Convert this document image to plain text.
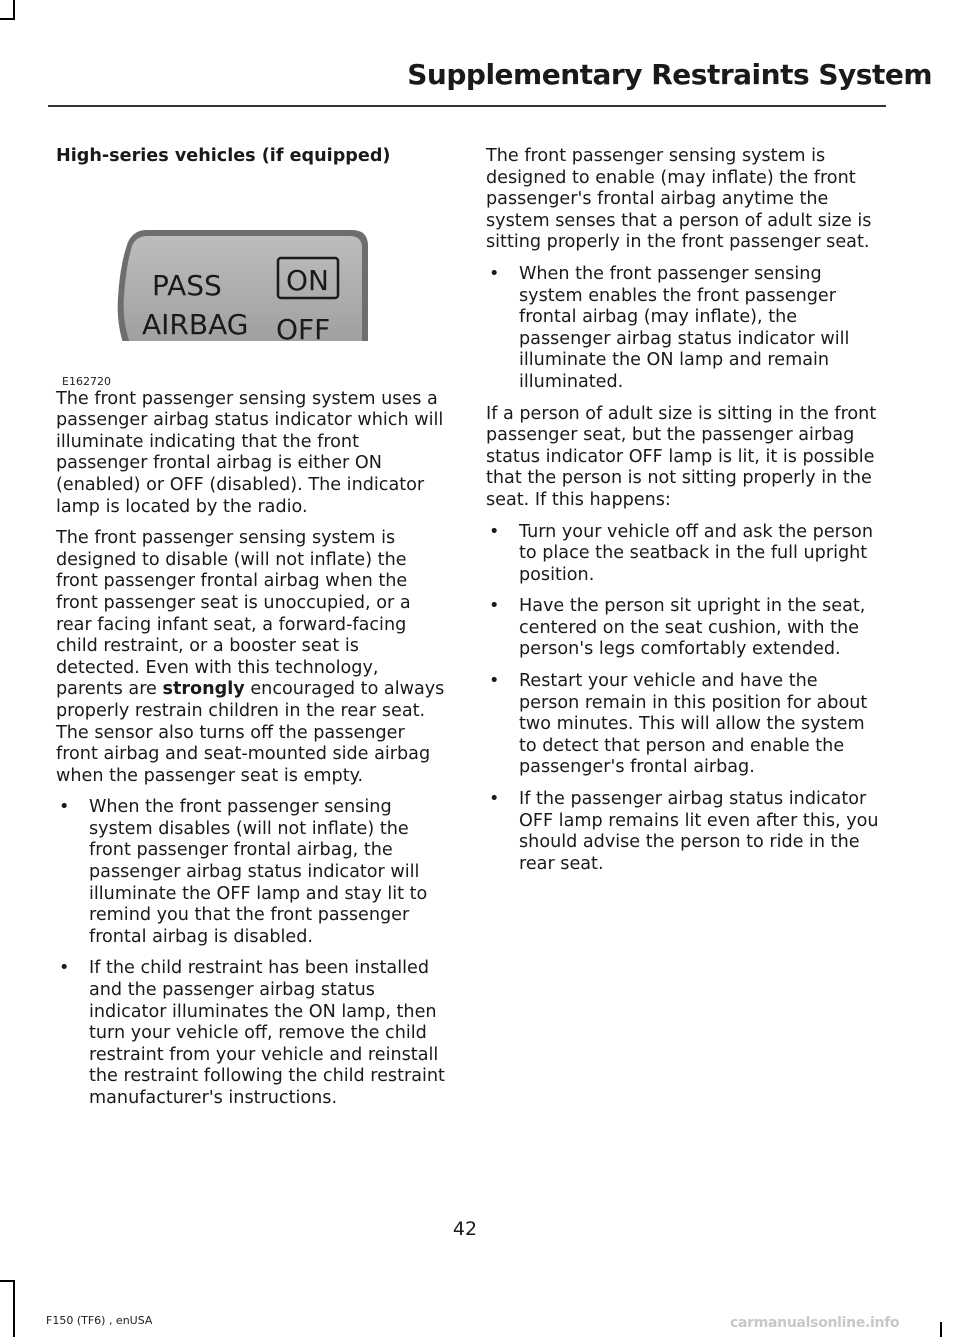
Supplementary Restraints System
High-series vehicles (if equipped)
PASS
AIRBAG
ON
OFF
E162720

The front passenger sensing system uses a passenger airbag status indicator which will illuminate indicating that the front passenger frontal airbag is either ON (enabled) or OFF (disabled). The indicator lamp is located by the radio.

The front passenger sensing system is designed to disable (will not inflate) the front passenger frontal airbag when the front passenger seat is unoccupied, or a rear facing infant seat, a forward-facing child restraint, or a booster seat is detected. Even with this technology, parents are strongly encouraged to always properly restrain children in the rear seat. The sensor also turns off the passenger front airbag and seat-mounted side airbag when the passenger seat is empty.

• When the front passenger sensing system disables (will not inflate) the front passenger frontal airbag, the passenger airbag status indicator will illuminate the OFF lamp and stay lit to remind you that the front passenger frontal airbag is disabled.
• If the child restraint has been installed and the passenger airbag status indicator illuminates the ON lamp, then turn your vehicle off, remove the child restraint from your vehicle and reinstall the restraint following the child restraint manufacturer's instructions.

The front passenger sensing system is designed to enable (may inflate) the front passenger's frontal airbag anytime the system senses that a person of adult size is sitting properly in the front passenger seat.

• When the front passenger sensing system enables the front passenger frontal airbag (may inflate), the passenger airbag status indicator will illuminate the ON lamp and remain illuminated.

If a person of adult size is sitting in the front passenger seat, but the passenger airbag status indicator OFF lamp is lit, it is possible that the person is not sitting properly in the seat. If this happens:

• Turn your vehicle off and ask the person to place the seatback in the full upright position.
• Have the person sit upright in the seat, centered on the seat cushion, with the person's legs comfortably extended.
• Restart your vehicle and have the person remain in this position for about two minutes. This will allow the system to detect that person and enable the passenger's frontal airbag.
• If the passenger airbag status indicator OFF lamp remains lit even after this, you should advise the person to ride in the rear seat.
42
F150 (TF6) , enUSA	carmanualsonline.info
